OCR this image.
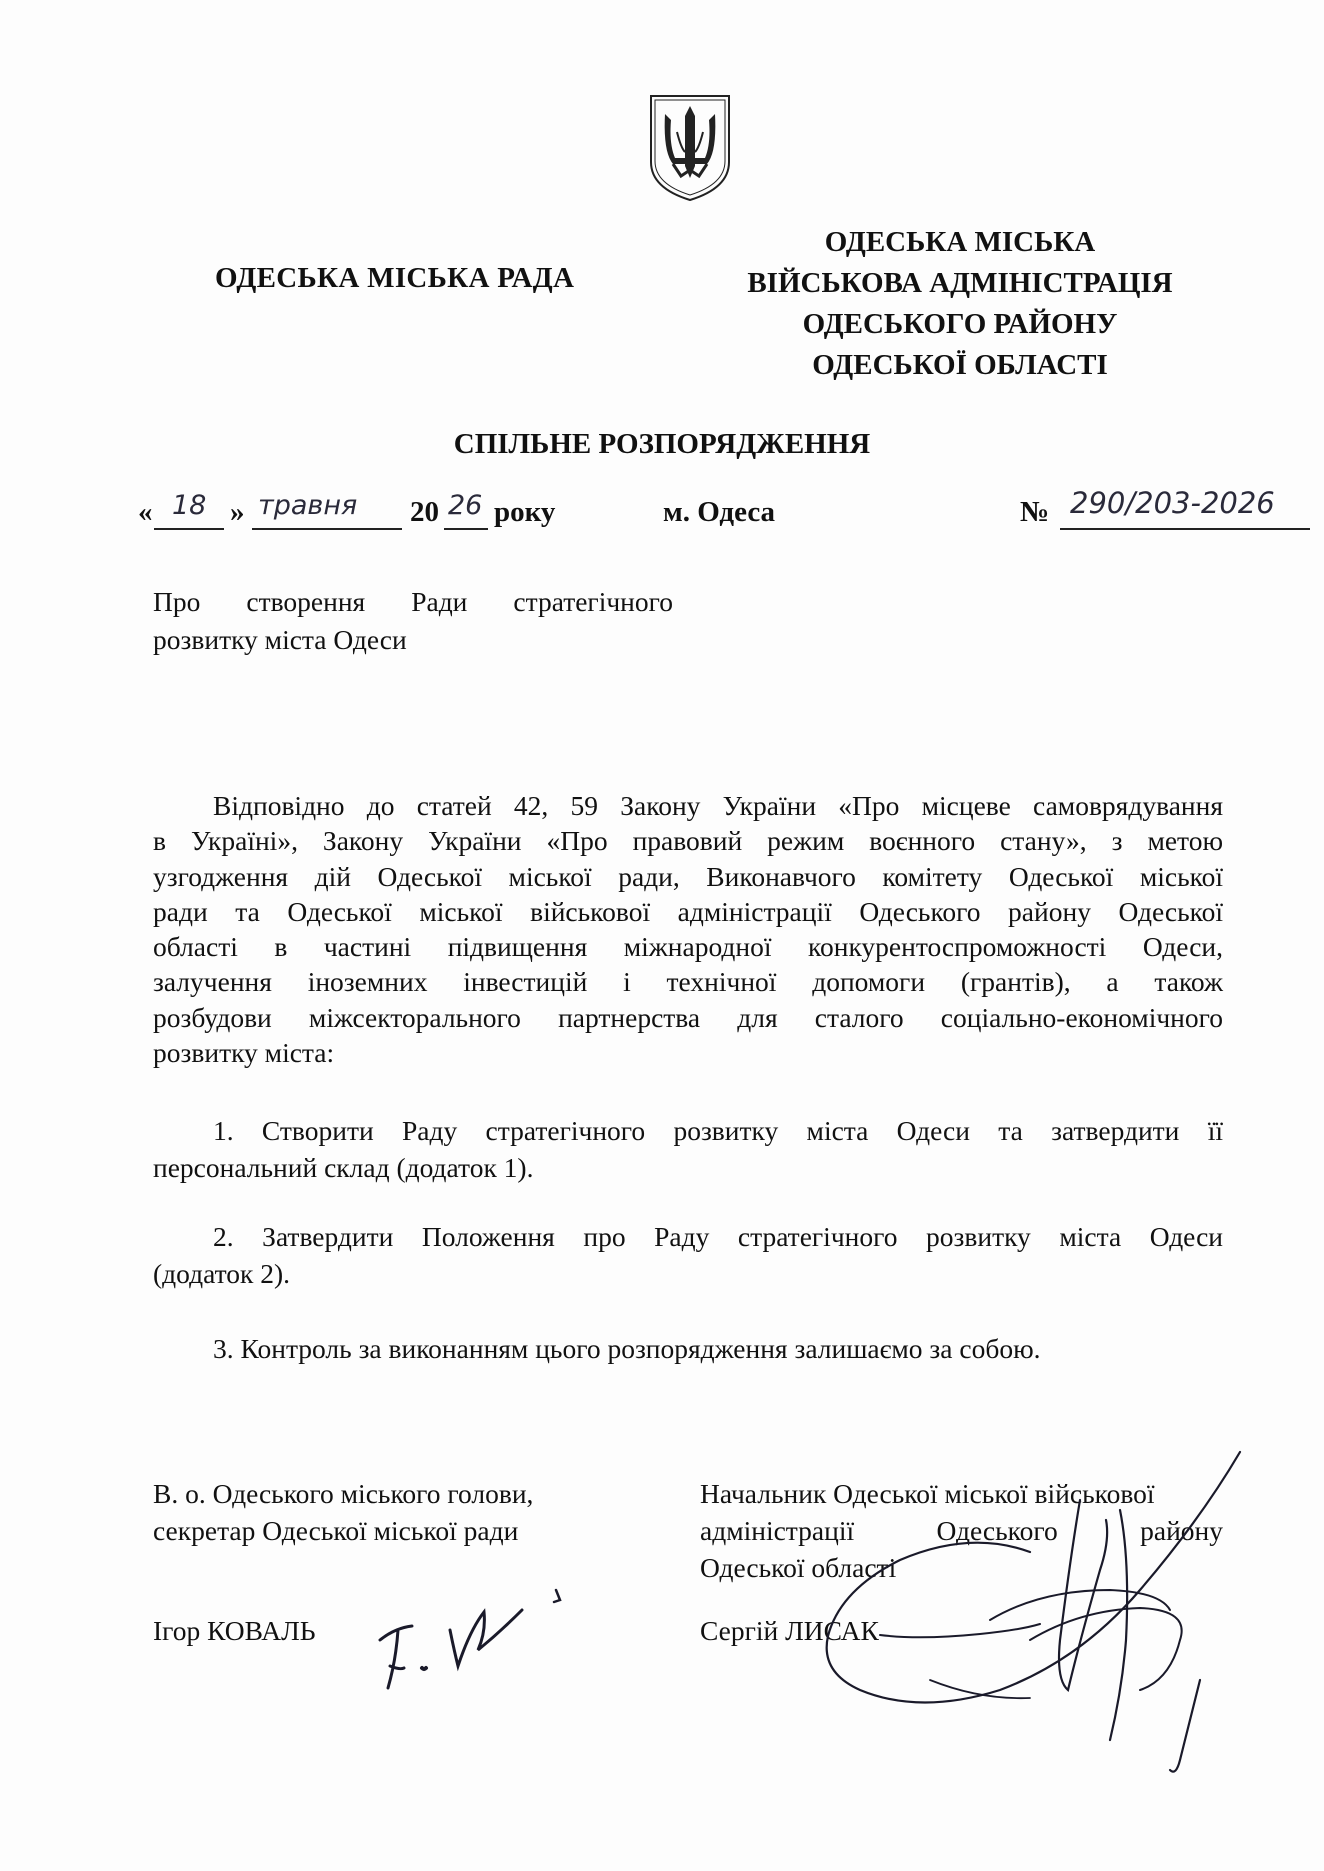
ОДЕСЬКА МІСЬКА РАДА
ОДЕСЬКА МІСЬКА
ВІЙСЬКОВА АДМІНІСТРАЦІЯ
ОДЕСЬКОГО РАЙОНУ
ОДЕСЬКОЇ ОБЛАСТІ
СПІЛЬНЕ РОЗПОРЯДЖЕННЯ
« 18 » травня 20 26 року	м. Одеса	№ 290/203-2026
Про створення Ради стратегічного
розвитку міста Одеси
Відповідно до статей 42, 59 Закону України «Про місцеве самоврядування
в Україні», Закону України «Про правовий режим воєнного стану», з метою
узгодження дій Одеської міської ради, Виконавчого комітету Одеської міської
ради та Одеської міської військової адміністрації Одеського району Одеської
області в частині підвищення міжнародної конкурентоспроможності Одеси,
залучення іноземних інвестицій і технічної допомоги (грантів), а також
розбудови міжсекторального партнерства для сталого соціально-економічного
розвитку міста:
1. Створити Раду стратегічного розвитку міста Одеси та затвердити її
персональний склад (додаток 1).
2. Затвердити Положення про Раду стратегічного розвитку міста Одеси
(додаток 2).
3. Контроль за виконанням цього розпорядження залишаємо за собою.
В. о. Одеського міського голови,
секретар Одеської міської ради
Ігор КОВАЛЬ
Начальник Одеської міської військової
адміністрації Одеського району
Одеської області
Сергій ЛИСАК
